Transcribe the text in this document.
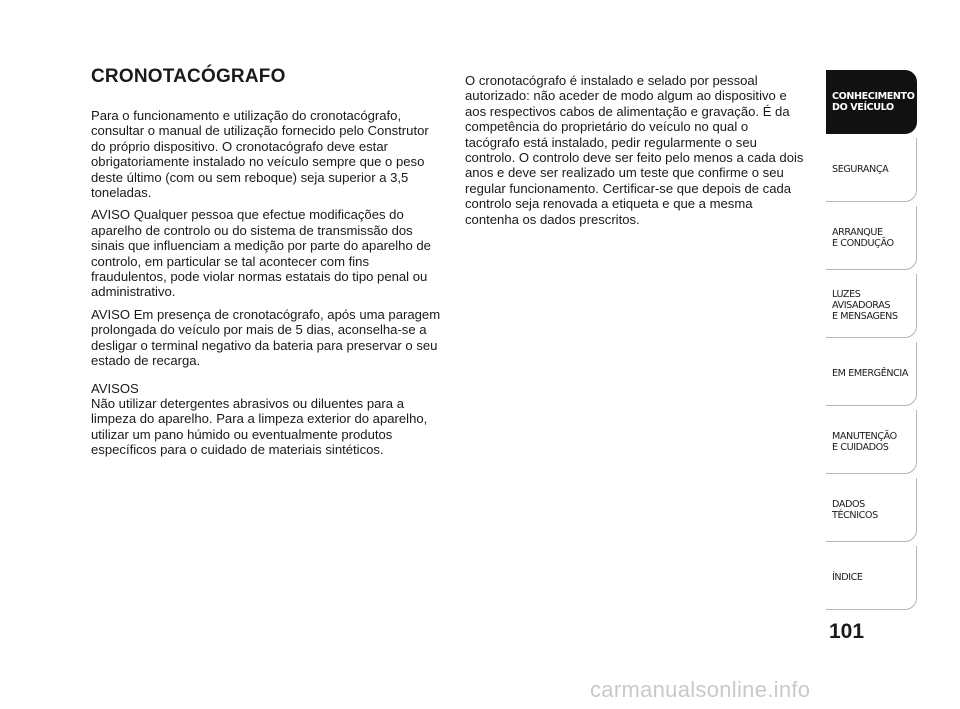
CRONOTACÓGRAFO

Para o funcionamento e utilização do cronotacógrafo, consultar o manual de utilização fornecido pelo Construtor do próprio dispositivo. O cronotacógrafo deve estar obrigatoriamente instalado no veículo sempre que o peso deste último (com ou sem reboque) seja superior a 3,5 toneladas.

AVISO Qualquer pessoa que efectue modificações do aparelho de controlo ou do sistema de transmissão dos sinais que influenciam a medição por parte do aparelho de controlo, em particular se tal acontecer com fins fraudulentos, pode violar normas estatais do tipo penal ou administrativo.

AVISO Em presença de cronotacógrafo, após uma paragem prolongada do veículo por mais de 5 dias, aconselha-se a desligar o terminal negativo da bateria para preservar o seu estado de recarga.

AVISOS

Não utilizar detergentes abrasivos ou diluentes para a limpeza do aparelho. Para a limpeza exterior do aparelho, utilizar um pano húmido ou eventualmente produtos específicos para o cuidado de materiais sintéticos.

O cronotacógrafo é instalado e selado por pessoal autorizado: não aceder de modo algum ao dispositivo e aos respectivos cabos de alimentação e gravação. É da competência do proprietário do veículo no qual o tacógrafo está instalado, pedir regularmente o seu controlo. O controlo deve ser feito pelo menos a cada dois anos e deve ser realizado um teste que confirme o seu regular funcionamento. Certificar-se que depois de cada controlo seja renovada a etiqueta e que a mesma contenha os dados prescritos.

CONHECIMENTO
DO VEÍCULO
SEGURANÇA
ARRANQUE
E CONDUÇÃO
LUZES
AVISADORAS
E MENSAGENS
EM EMERGÊNCIA
MANUTENÇÃO
E CUIDADOS
DADOS
TÉCNICOS
ÍNDICE
101
carmanualsonline.info
